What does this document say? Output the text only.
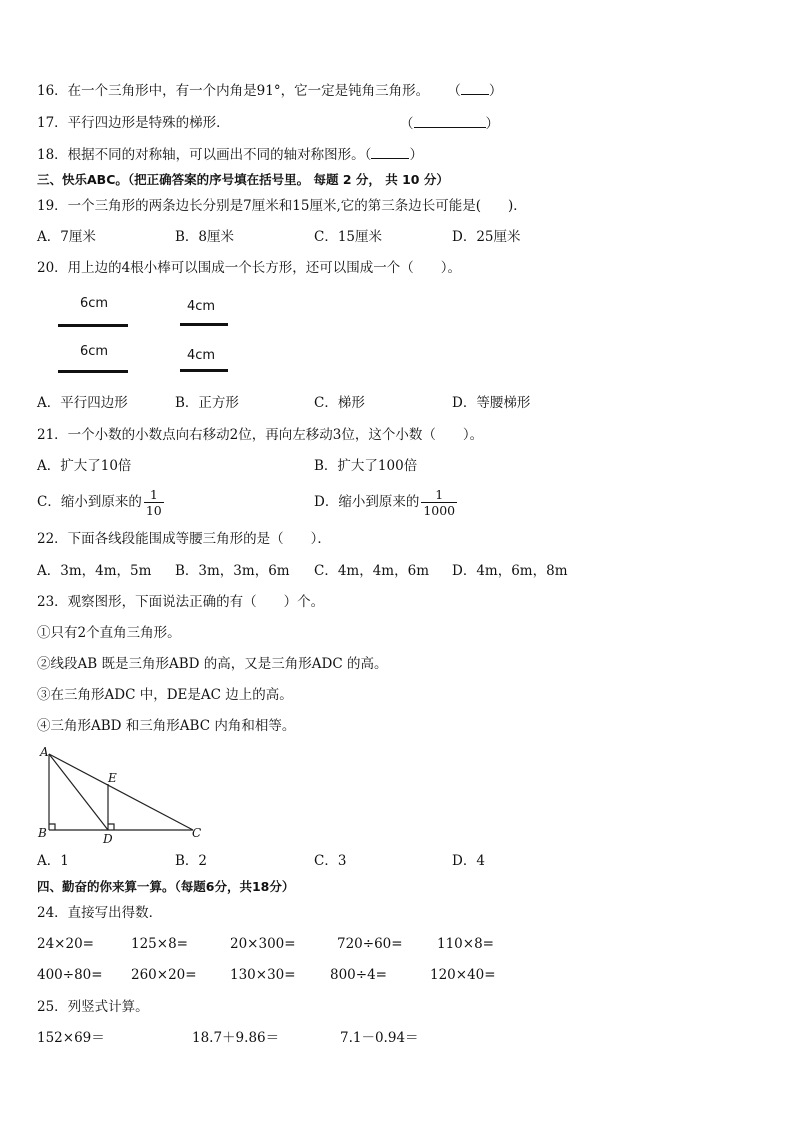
16．在一个三角形中，有一个内角是91°，它一定是钝角三角形。 （ ）
17．平行四边形是特殊的梯形．	（	）
18．根据不同的对称轴，可以画出不同的轴对称图形。（	）
三、快乐ABC。（把正确答案的序号填在括号里。 每题 2 分， 共 10 分）
19．一个三角形的两条边长分别是7厘米和15厘米,它的第三条边长可能是(　　)．
A．7厘米	B．8厘米	C．15厘米	D．25厘米
20．用上边的4根小棒可以围成一个长方形，还可以围成一个（　　）。
6cm	4cm
6cm	4cm
A．平行四边形	B．正方形	C．梯形	D．等腰梯形
21．一个小数的小数点向右移动2位，再向左移动3位，这个小数（　　）。
A．扩大了10倍	B．扩大了100倍
C．缩小到原来的 $\frac{1}{10}$	D．缩小到原来的 $\frac{1}{1000}$
22．下面各线段能围成等腰三角形的是（　　）．
A．3m，4m，5m B．3m，3m，6m C．4m，4m，6m D．4m，6m，8m
23．观察图形，下面说法正确的有（　　）个。
①只有2个直角三角形。
②线段AB 既是三角形ABD 的高，又是三角形ADC 的高。
③在三角形ADC 中，DE是AC 边上的高。
④三角形ABD 和三角形ABC 内角和相等。
A
E
B	D	C
A．1	B．2	C．3	D．4
四、勤奋的你来算一算。（每题6分，共18分）
24．直接写出得数．
24×20=	125×8=	20×300=	720÷60=	110×8=
400÷80= 260×20= 130×30=	800÷4=	120×40=
25．列竖式计算。
152×69＝	18.7＋9.86＝	7.1－0.94＝
